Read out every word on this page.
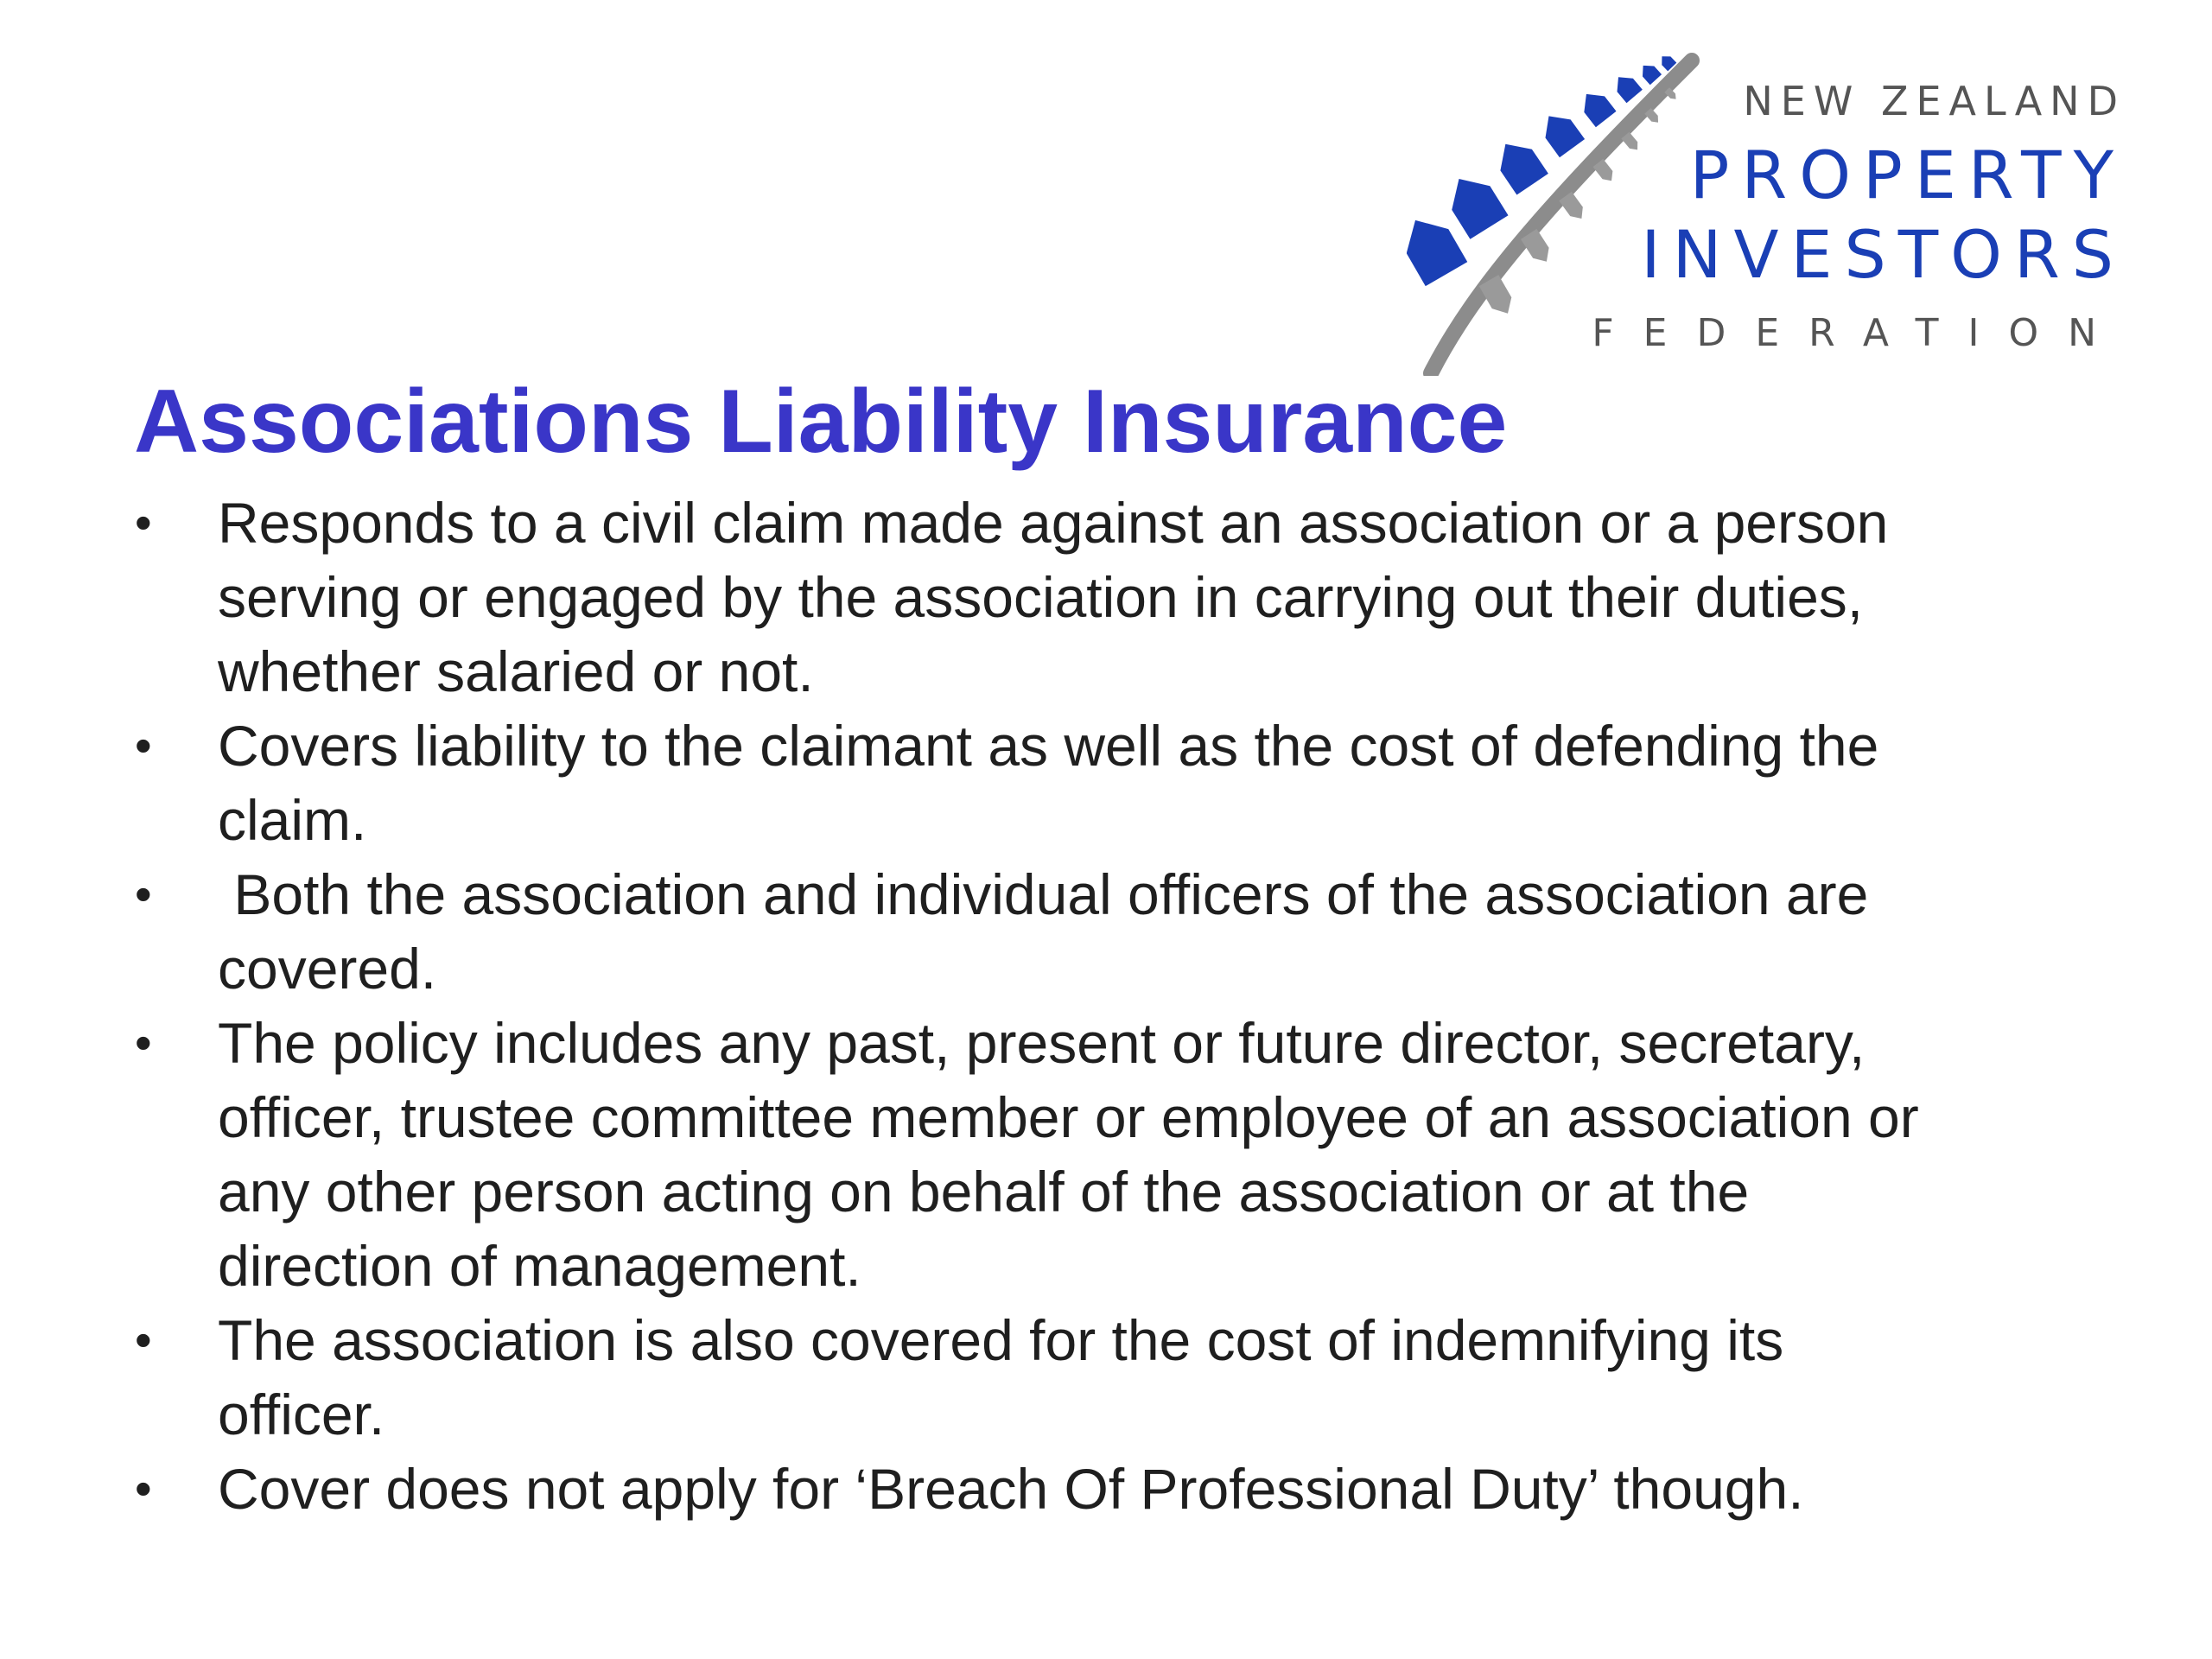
NEW ZEALAND
PROPERTY
INVESTORS
FEDERATION
Associations Liability Insurance
• Responds to a civil claim made against an association or a person
serving or engaged by the association in carrying out their duties,
whether salaried or not.
• Covers liability to the claimant as well as the cost of defending the
claim.
• Both the association and individual officers of the association are
covered.
• The policy includes any past, present or future director, secretary,
officer, trustee committee member or employee of an association or
any other person acting on behalf of the association or at the
direction of management.
• The association is also covered for the cost of indemnifying its
officer.
• Cover does not apply for ‘Breach Of Professional Duty’ though.
